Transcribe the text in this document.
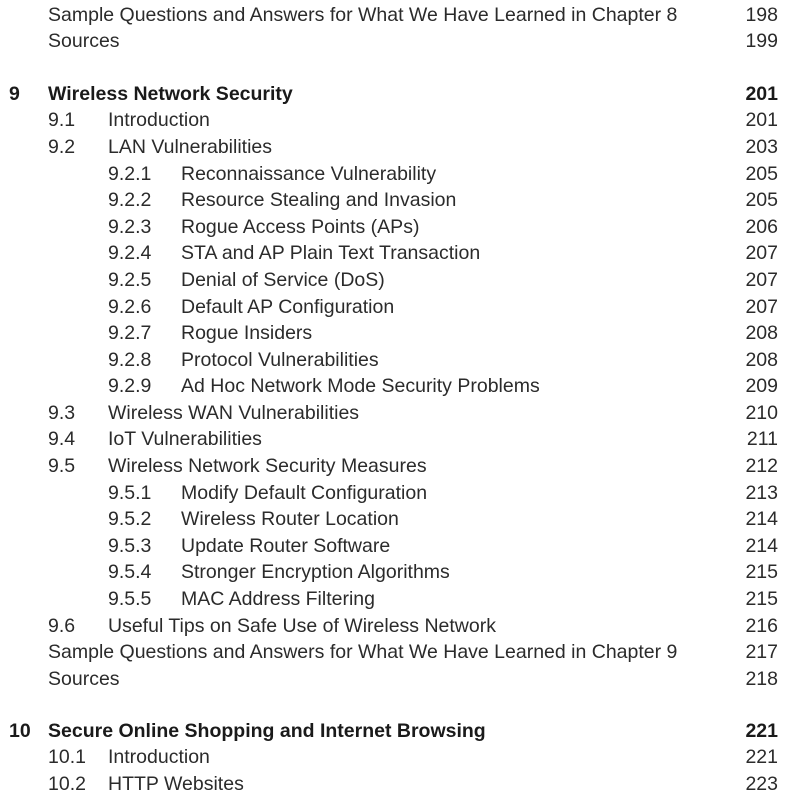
Sample Questions and Answers for What We Have Learned in Chapter 8	198
Sources	199
9 Wireless Network Security	201
9.1 Introduction	201
9.2 LAN Vulnerabilities	203
9.2.1 Reconnaissance Vulnerability	205
9.2.2 Resource Stealing and Invasion	205
9.2.3 Rogue Access Points (APs)	206
9.2.4 STA and AP Plain Text Transaction	207
9.2.5 Denial of Service (DoS)	207
9.2.6 Default AP Configuration	207
9.2.7 Rogue Insiders	208
9.2.8 Protocol Vulnerabilities	208
9.2.9 Ad Hoc Network Mode Security Problems	209
9.3 Wireless WAN Vulnerabilities	210
9.4 IoT Vulnerabilities	211
9.5 Wireless Network Security Measures	212
9.5.1 Modify Default Configuration	213
9.5.2 Wireless Router Location	214
9.5.3 Update Router Software	214
9.5.4 Stronger Encryption Algorithms	215
9.5.5 MAC Address Filtering	215
9.6 Useful Tips on Safe Use of Wireless Network	216
Sample Questions and Answers for What We Have Learned in Chapter 9	217
Sources	218
10 Secure Online Shopping and Internet Browsing	221
10.1 Introduction	221
10.2 HTTP Websites	223
